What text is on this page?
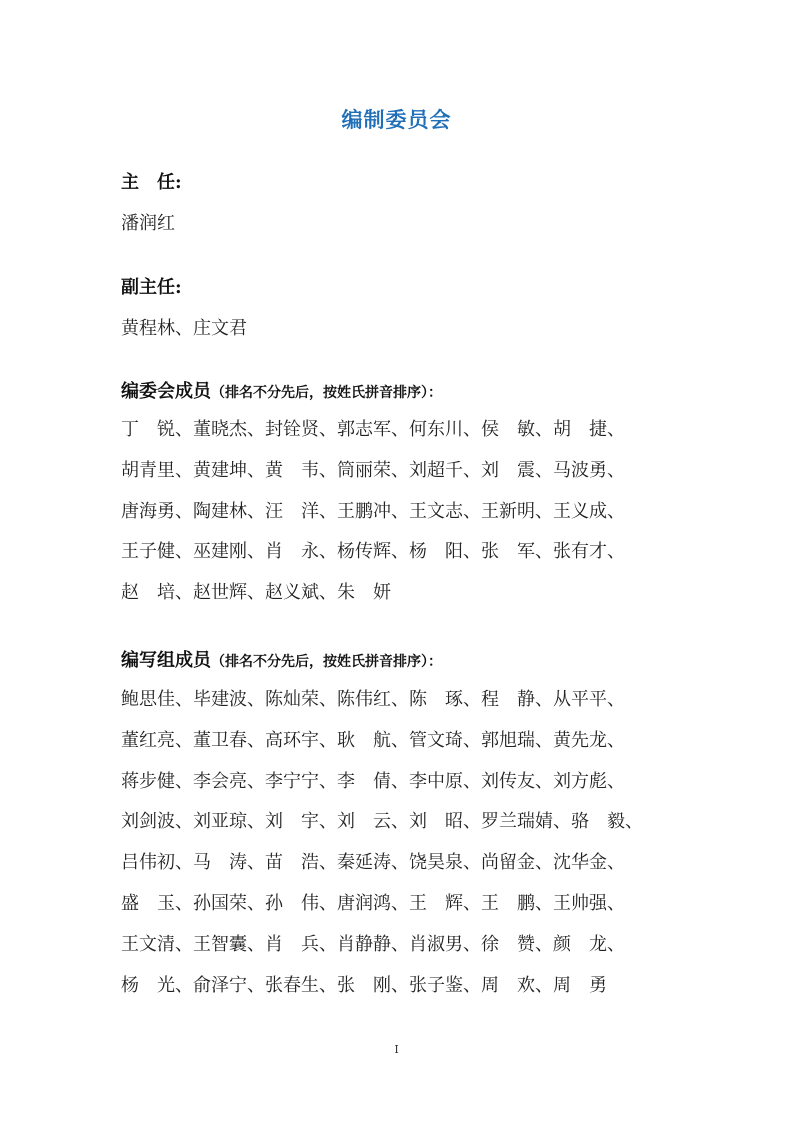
编制委员会
主　任:
潘润红
副主任:
黄程林、庄文君
编委会成员（排名不分先后，按姓氏拼音排序）：
丁　锐、董晓杰、封铨贤、郭志军、何东川、侯　敏、胡　捷、
胡青里、黄建坤、黄　韦、筒丽荣、刘超千、刘　震、马波勇、
唐海勇、陶建林、汪　洋、王鹏冲、王文志、王新明、王义成、
王子健、巫建刚、肖　永、杨传辉、杨　阳、张　军、张有才、
赵　培、赵世辉、赵义斌、朱　妍
编写组成员（排名不分先后，按姓氏拼音排序）：
鲍思佳、毕建波、陈灿荣、陈伟红、陈　琢、程　静、从平平、
董红亮、董卫春、高环宇、耿　航、管文琦、郭旭瑞、黄先龙、
蒋步健、李会亮、李宁宁、李　倩、李中原、刘传友、刘方彪、
刘剑波、刘亚琼、刘　宇、刘　云、刘　昭、罗兰瑞婧、骆　毅、
吕伟初、马　涛、苗　浩、秦延涛、饶昊泉、尚留金、沈华金、
盛　玉、孙国荣、孙　伟、唐润鸿、王　辉、王　鹏、王帅强、
王文清、王智囊、肖　兵、肖静静、肖淑男、徐　赞、颜　龙、
杨　光、俞泽宁、张春生、张　刚、张子鉴、周　欢、周　勇
I
